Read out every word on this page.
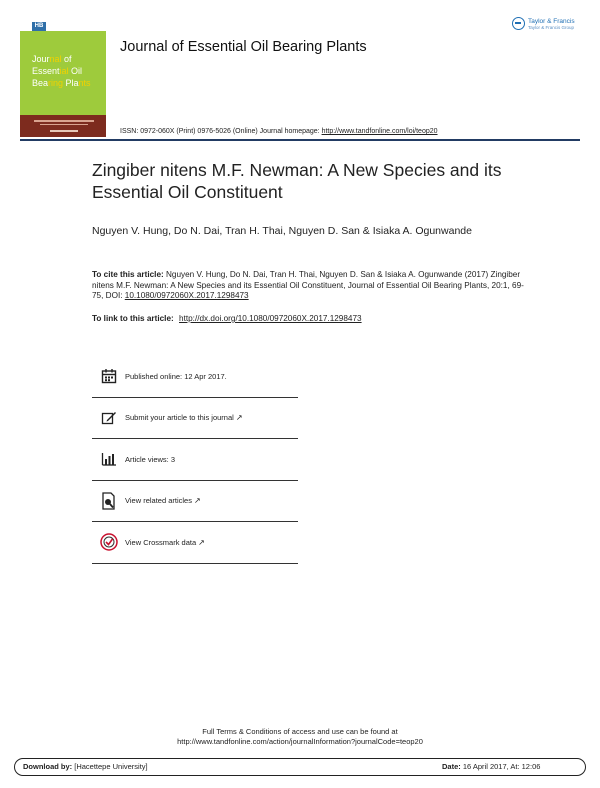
HB
Journal of
Essential Oil
Bearing Plants
Journal of Essential Oil Bearing Plants
Taylor & Francis
Taylor & Francis Group
ISSN: 0972-060X (Print) 0976-5026 (Online) Journal homepage: http://www.tandfonline.com/loi/teop20
Zingiber nitens M.F. Newman: A New Species and its Essential Oil Constituent
Nguyen V. Hung, Do N. Dai, Tran H. Thai, Nguyen D. San & Isiaka A. Ogunwande
To cite this article: Nguyen V. Hung, Do N. Dai, Tran H. Thai, Nguyen D. San & Isiaka A. Ogunwande (2017) Zingiber nitens M.F. Newman: A New Species and its Essential Oil Constituent, Journal of Essential Oil Bearing Plants, 20:1, 69-75, DOI: 10.1080/0972060X.2017.1298473
To link to this article: http://dx.doi.org/10.1080/0972060X.2017.1298473
Published online: 12 Apr 2017.
Submit your article to this journal ↗
Article views: 3
View related articles ↗
View Crossmark data ↗
Full Terms & Conditions of access and use can be found at
http://www.tandfonline.com/action/journalInformation?journalCode=teop20
Download by: [Hacettepe University]	Date: 16 April 2017, At: 12:06
